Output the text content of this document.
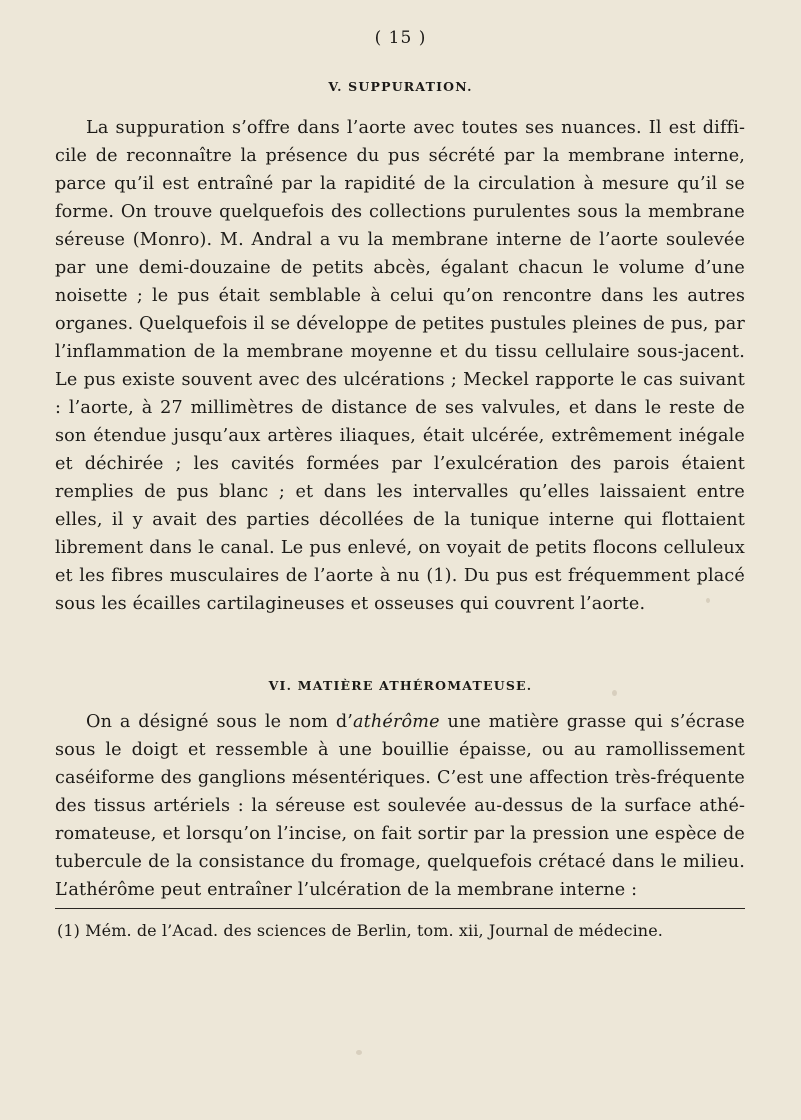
( 15 )
V. SUPPURATION.

La suppuration s’offre dans l’aorte avec toutes ses nuances. Il est difficile de reconnaître la présence du pus sécrété par la membrane interne, parce qu’il est entraîné par la rapidité de la circulation à mesure qu’il se forme. On trouve quelquefois des collections purulentes sous la membrane séreuse (Monro). M. Andral a vu la membrane interne de l’aorte soulevée par une demi-douzaine de petits abcès, égalant chacun le volume d’une noisette ; le pus était semblable à celui qu’on rencontre dans les autres organes. Quelquefois il se développe de petites pustules pleines de pus, par l’inflammation de la membrane moyenne et du tissu cellulaire sous-jacent. Le pus existe souvent avec des ulcérations ; Meckel rapporte le cas suivant : l’aorte, à 27 millimètres de distance de ses valvules, et dans le reste de son étendue jusqu’aux artères iliaques, était ulcérée, extrêmement inégale et déchirée ; les cavités formées par l’exulcération des parois étaient remplies de pus blanc ; et dans les intervalles qu’elles laissaient entre elles, il y avait des parties décollées de la tunique interne qui flottaient librement dans le canal. Le pus enlevé, on voyait de petits flocons celluleux et les fibres musculaires de l’aorte à nu (1). Du pus est fréquemment placé sous les écailles cartilagineuses et osseuses qui couvrent l’aorte.

VI. MATIÈRE ATHÉROMATEUSE.

On a désigné sous le nom d’athérôme une matière grasse qui s’écrase sous le doigt et ressemble à une bouillie épaisse, ou au ramollissement caséiforme des ganglions mésentériques. C’est une affection très-fréquente des tissus artériels : la séreuse est soulevée au-dessus de la surface athéromateuse, et lorsqu’on l’incise, on fait sortir par la pression une espèce de tubercule de la consistance du fromage, quelquefois crétacé dans le milieu. L’athérôme peut entraîner l’ulcération de la membrane interne :

(1) Mém. de l’Acad. des sciences de Berlin, tom. xii, Journal de médecine.
